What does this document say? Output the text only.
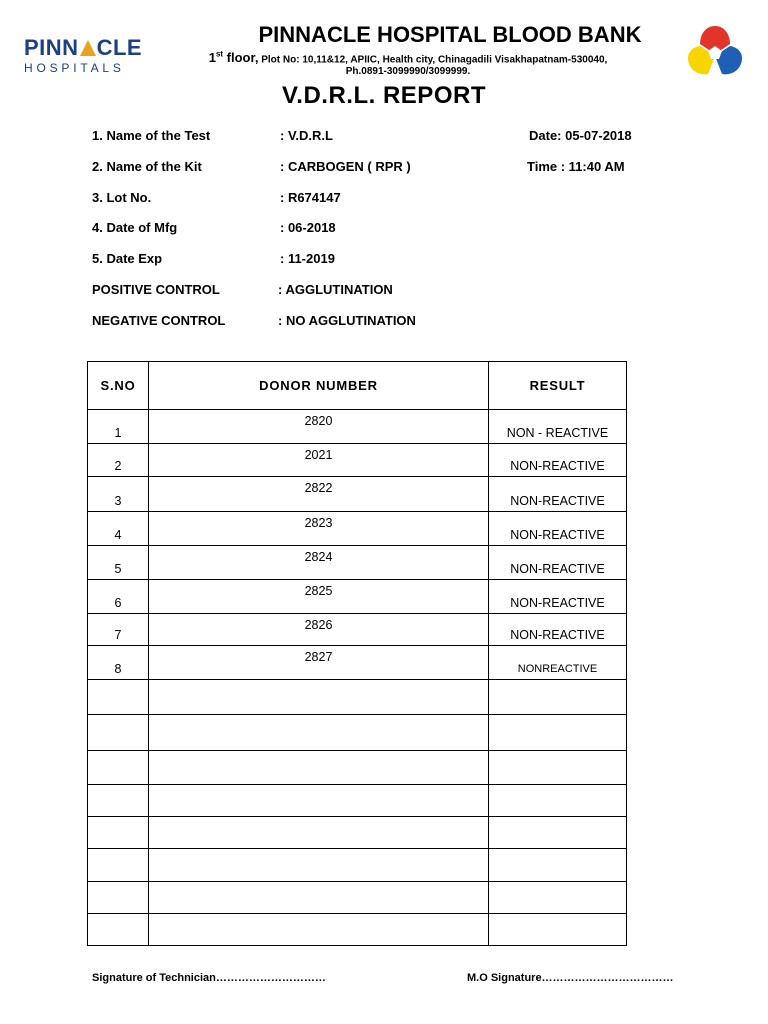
PINN CLE
HOSPITALS
PINNACLE HOSPITAL BLOOD BANK
1st floor, Plot No: 10,11&12, APIIC, Health city, Chinagadili Visakhapatnam-530040,
Ph.0891-3099990/3099999.
V.D.R.L. REPORT
1. Name of the Test	: V.D.R.L
2. Name of the Kit	: CARBOGEN ( RPR )
3. Lot No.	: R674147
4. Date of Mfg	: 06-2018
5. Date Exp	: 11-2019
POSITIVE CONTROL	: AGGLUTINATION
NEGATIVE CONTROL	: NO AGGLUTINATION
Date: 05-07-2018
Time : 11:40 AM
S.NO	DONOR NUMBER	RESULT

1	2820	NON - REACTIVE

2	2021	NON-REACTIVE

3	2822	NON-REACTIVE

4	2823	NON-REACTIVE

5	2824	NON-REACTIVE

6	2825	NON-REACTIVE

7	2826	NON-REACTIVE

8	2827	NONREACTIVE

Signature of Technician…………………………	M.O Signature………………………………
